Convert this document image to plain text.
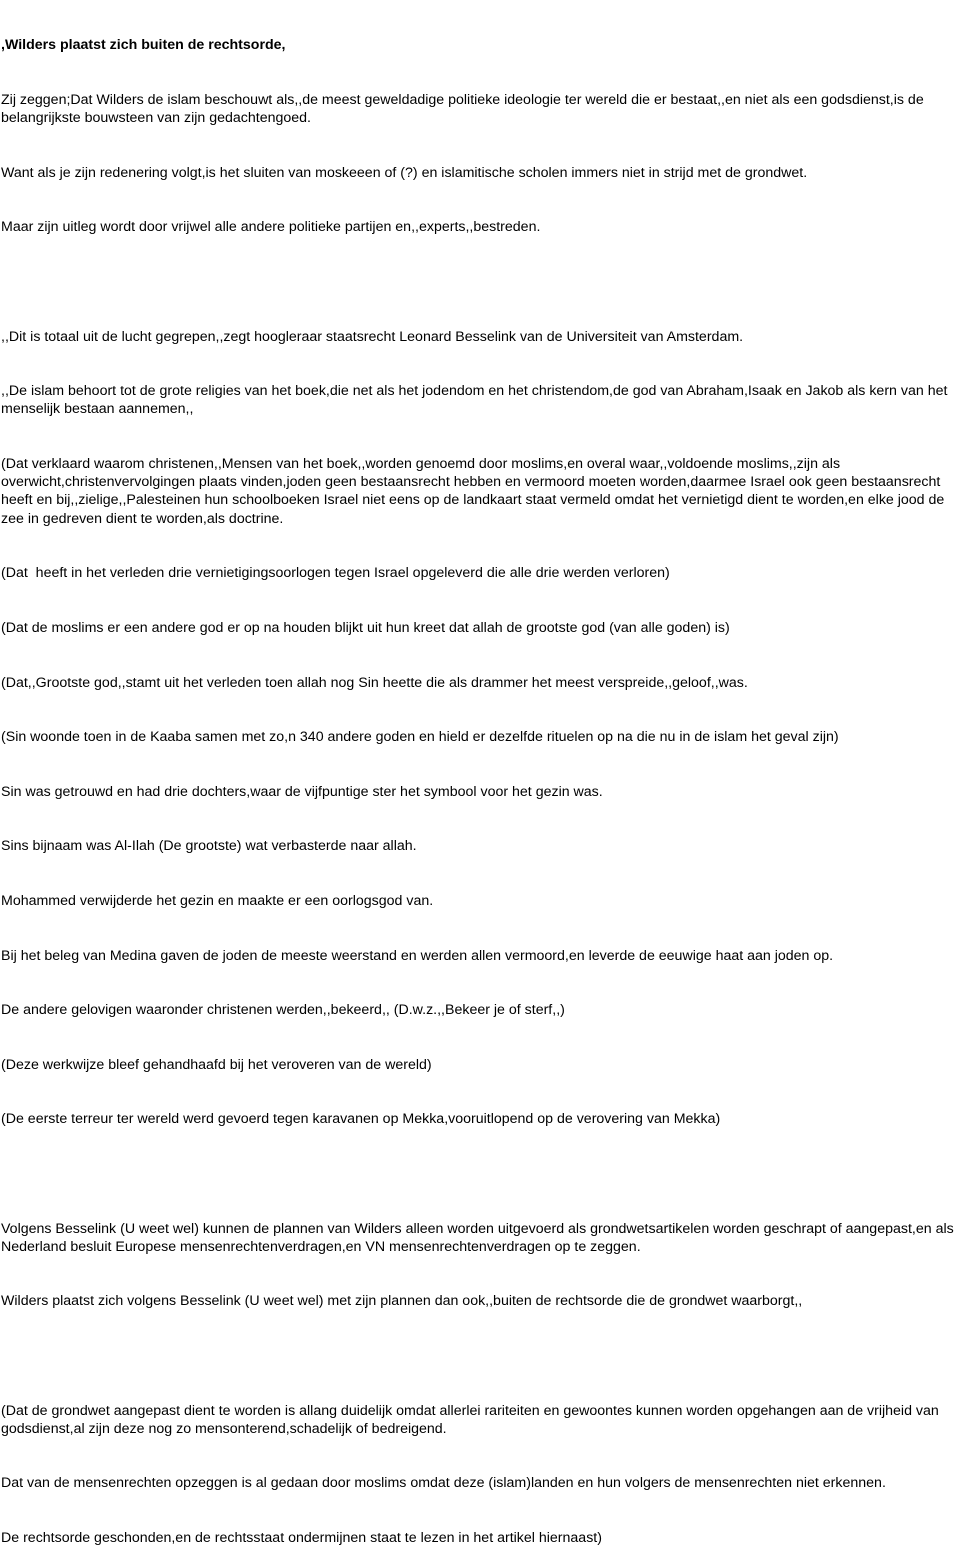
,Wilders plaatst zich buiten de rechtsorde,

Zij zeggen;Dat Wilders de islam beschouwt als,,de meest geweldadige politieke ideologie ter wereld die er bestaat,,en niet als een godsdienst,is de belangrijkste bouwsteen van zijn gedachtengoed.

Want als je zijn redenering volgt,is het sluiten van moskeeen of (?) en islamitische scholen immers niet in strijd met de grondwet.

Maar zijn uitleg wordt door vrijwel alle andere politieke partijen en,,experts,,bestreden.

,,Dit is totaal uit de lucht gegrepen,,zegt hoogleraar staatsrecht Leonard Besselink van de Universiteit van Amsterdam.

,,De islam behoort tot de grote religies van het boek,die net als het jodendom en het christendom,de god van Abraham,Isaak en Jakob als kern van het menselijk bestaan aannemen,,

(Dat verklaard waarom christenen,,Mensen van het boek,,worden genoemd door moslims,en overal waar,,voldoende moslims,,zijn als overwicht,christenvervolgingen plaats vinden,joden geen bestaansrecht hebben en vermoord moeten worden,daarmee Israel ook geen bestaansrecht heeft en bij,,zielige,,Palesteinen hun schoolboeken Israel niet eens op de landkaart staat vermeld omdat het vernietigd dient te worden,en elke jood de zee in gedreven dient te worden,als doctrine.

(Dat  heeft in het verleden drie vernietigingsoorlogen tegen Israel opgeleverd die alle drie werden verloren)

(Dat de moslims er een andere god er op na houden blijkt uit hun kreet dat allah de grootste god (van alle goden) is)

(Dat,,Grootste god,,stamt uit het verleden toen allah nog Sin heette die als drammer het meest verspreide,,geloof,,was.

(Sin woonde toen in de Kaaba samen met zo,n 340 andere goden en hield er dezelfde rituelen op na die nu in de islam het geval zijn)

Sin was getrouwd en had drie dochters,waar de vijfpuntige ster het symbool voor het gezin was.

Sins bijnaam was Al-Ilah (De grootste) wat verbasterde naar allah.

Mohammed verwijderde het gezin en maakte er een oorlogsgod van.

Bij het beleg van Medina gaven de joden de meeste weerstand en werden allen vermoord,en leverde de eeuwige haat aan joden op.

De andere gelovigen waaronder christenen werden,,bekeerd,, (D.w.z.,,Bekeer je of sterf,,)

(Deze werkwijze bleef gehandhaafd bij het veroveren van de wereld)

(De eerste terreur ter wereld werd gevoerd tegen karavanen op Mekka,vooruitlopend op de verovering van Mekka)

Volgens Besselink (U weet wel) kunnen de plannen van Wilders alleen worden uitgevoerd als grondwetsartikelen worden geschrapt of aangepast,en als Nederland besluit Europese mensenrechtenverdragen,en VN mensenrechtenverdragen op te zeggen.

Wilders plaatst zich volgens Besselink (U weet wel) met zijn plannen dan ook,,buiten de rechtsorde die de grondwet waarborgt,,

(Dat de grondwet aangepast dient te worden is allang duidelijk omdat allerlei rariteiten en gewoontes kunnen worden opgehangen aan de vrijheid van godsdienst,al zijn deze nog zo mensonterend,schadelijk of bedreigend.

Dat van de mensenrechten opzeggen is al gedaan door moslims omdat deze (islam)landen en hun volgers de mensenrechten niet erkennen.

De rechtsorde geschonden,en de rechtsstaat ondermijnen staat te lezen in het artikel hiernaast)
